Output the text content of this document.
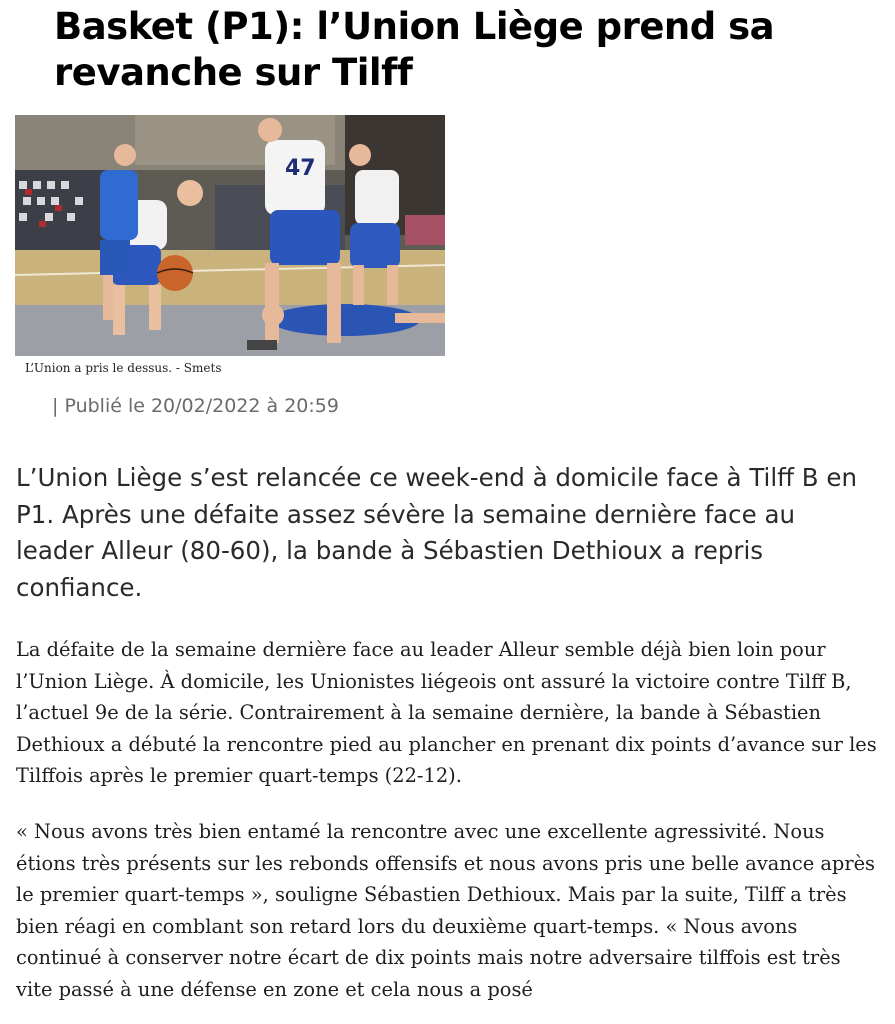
Basket (P1): l’Union Liège prend sa revanche sur Tilff
47
L’Union a pris le dessus. - Smets
| Publié le 20/02/2022 à 20:59

L’Union Liège s’est relancée ce week-end à domicile face à Tilff B en P1. Après une défaite assez sévère la semaine dernière face au leader Alleur (80-60), la bande à Sébastien Dethioux a repris confiance.

La défaite de la semaine dernière face au leader Alleur semble déjà bien loin pour l’Union Liège. À domicile, les Unionistes liégeois ont assuré la victoire contre Tilff B, l’actuel 9e de la série. Contrairement à la semaine dernière, la bande à Sébastien Dethioux a débuté la rencontre pied au plancher en prenant dix points d’avance sur les Tilffois après le premier quart-temps (22-12).

« Nous avons très bien entamé la rencontre avec une excellente agressivité. Nous étions très présents sur les rebonds offensifs et nous avons pris une belle avance après le premier quart-temps », souligne Sébastien Dethioux. Mais par la suite, Tilff a très bien réagi en comblant son retard lors du deuxième quart-temps. « Nous avons continué à conserver notre écart de dix points mais notre adversaire tilffois est très vite passé à une défense en zone et cela nous a posé
